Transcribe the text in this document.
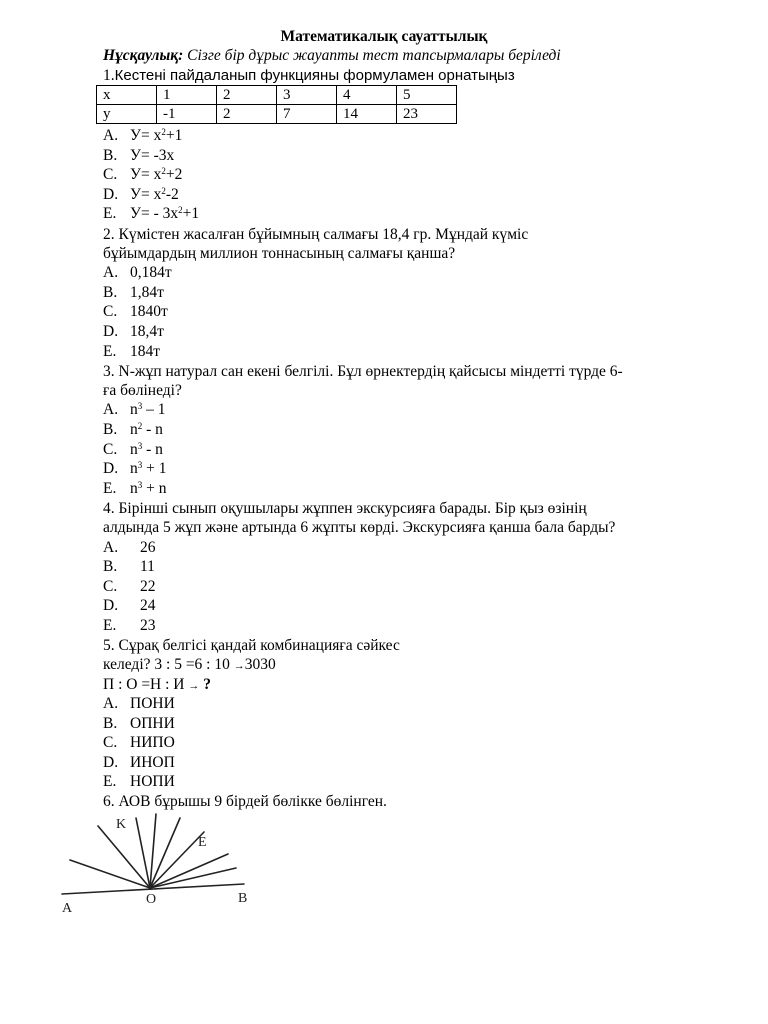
Математикалық сауаттылық
Нұсқаулық: Сізге бір дұрыс жауапты тест тапсырмалары беріледі
1.Кестені пайдаланып функцияны формуламен орнатыңыз
x	1	2	3	4	5
y	-1	2	7	14	23
A. $У= x^2+1$
B. У= -3x
C. $У= x^2+2$
D. $У= x^2-2$
E. $У= - 3x^2+1$
2. Күмістен жасалған бұйымның салмағы 18,4 гр. Мұндай күміс
бұйымдардың миллион тоннасының салмағы қанша?
A. 0,184т
B. 1,84т
C. 1840т
D. 18,4т
E. 184т
3. N-жұп натурал сан екені белгілі. Бұл өрнектердің қайсысы міндетті түрде 6-
ға бөлінеді?
A. $n^3 - 1$
B. $n^2$ - n
C. $n^3$ - n
D. $n^3 + 1$
E. $n^3 + n$
4. Бірінші сынып оқушылары жұппен экскурсияға барады. Бір қыз өзінің
алдында 5 жұп және артында 6 жұпты көрді. Экскурсияға қанша бала барды?
A. 26
B. 11
C. 22
D. 24
E. 23
5. Сұрақ белгісі қандай комбинацияға сәйкес
келеді? 3 : 5 =6 : 10 →3030
П : О =Н : И → ?
A. ПОНИ
B. ОПНИ
C. НИПО
D. ИНОП
E. НОПИ
6. АОВ бұрышы 9 бірдей бөлікке бөлінген.
A
O	B
K
E
